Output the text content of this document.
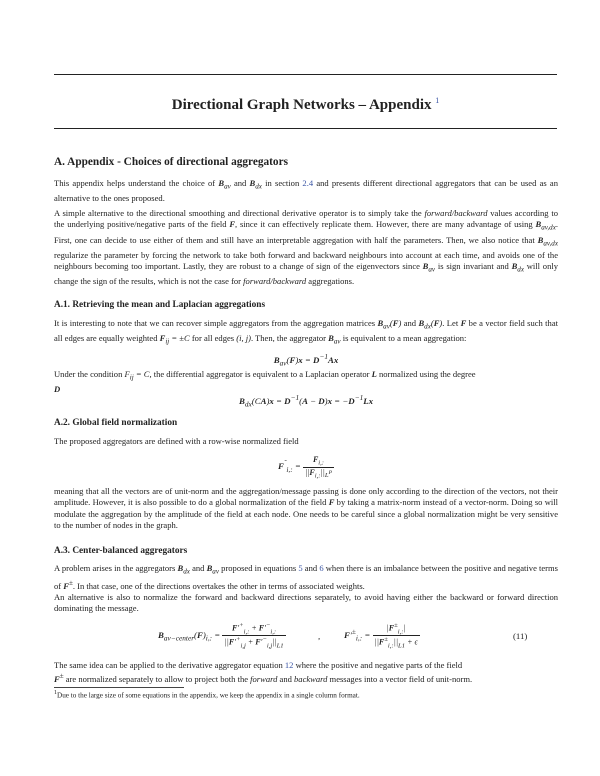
Directional Graph Networks – Appendix $^1$
A. Appendix - Choices of directional aggregators
This appendix helps understand the choice of $B_{av}$ and $B_{dx}$ in section 2.4 and presents different directional aggregators that can be used as an alternative to the ones proposed.
A simple alternative to the directional smoothing and directional derivative operator is to simply take the forward/backward values according to the underlying positive/negative parts of the field F, since it can effectively replicate them. However, there are many advantage of using $B_{av,dx}$. First, one can decide to use either of them and still have an interpretable aggregation with half the parameters. Then, we also notice that $B_{av,dx}$ regularize the parameter by forcing the network to take both forward and backward neighbours into account at each time, and avoids one of the neighbours becoming too important. Lastly, they are robust to a change of sign of the eigenvectors since $B_{av}$ is sign invariant and $B_{dx}$ will only change the sign of the results, which is not the case for forward/backward aggregations.
A.1. Retrieving the mean and Laplacian aggregations
It is interesting to note that we can recover simple aggregators from the aggregation matrices $B_{av}(F)$ and $B_{dx}(F)$. Let F be a vector field such that all edges are equally weighted $F_{ij} = \pm C$ for all edges (i, j). Then, the aggregator $B_{av}$ is equivalent to a mean aggregation:
$B_{av}(F)x = D^{-1}Ax$
Under the condition $F_{ij} = C$, the differential aggregator is equivalent to a Laplacian operator L normalized using the degree
D
$B_{dx}(CA)x = D^{-1}(A - D)x = -D^{-1}Lx$
A.2. Global field normalization
The proposed aggregators are defined with a row-wise normalized field
$F^ˆ_{i,:} = \frac{F_{i,:}}{||F_{i,:}||_{L^P}}$
meaning that all the vectors are of unit-norm and the aggregation/message passing is done only according to the direction of the vectors, not their amplitude. However, it is also possible to do a global normalization of the field F by taking a matrix-norm instead of a vector-norm. Doing so will modulate the aggregation by the amplitude of the field at each node. One needs to be careful since a global normalization might be very sensitive to the number of nodes in the graph.
A.3. Center-balanced aggregators
A problem arises in the aggregators $B_{dx}$ and $B_{av}$ proposed in equations 5 and 6 when there is an imbalance between the positive and negative terms of F±. In that case, one of the directions overtakes the other in terms of associated weights.
An alternative is also to normalize the forward and backward directions separately, to avoid having either the backward or forward direction dominating the message.
$B_{av-center}(F)_{i,:} = \frac{F'^+_{i,:} + F'^-_{i,:}}{||F'^+_{i,j} + F'^-_{i,j}||_{L1}}$	,	$F'^\pm_{i,:} = \frac{|F^\pm_{i,:}|}{||F^\pm_{i,:}||_{L1} + \epsilon}$	(11)
The same idea can be applied to the derivative aggregator equation 12 where the positive and negative parts of the field
F± are normalized separately to allow to project both the forward and backward messages into a vector field of unit-norm.
$^1$Due to the large size of some equations in the appendix, we keep the appendix in a single column format.
